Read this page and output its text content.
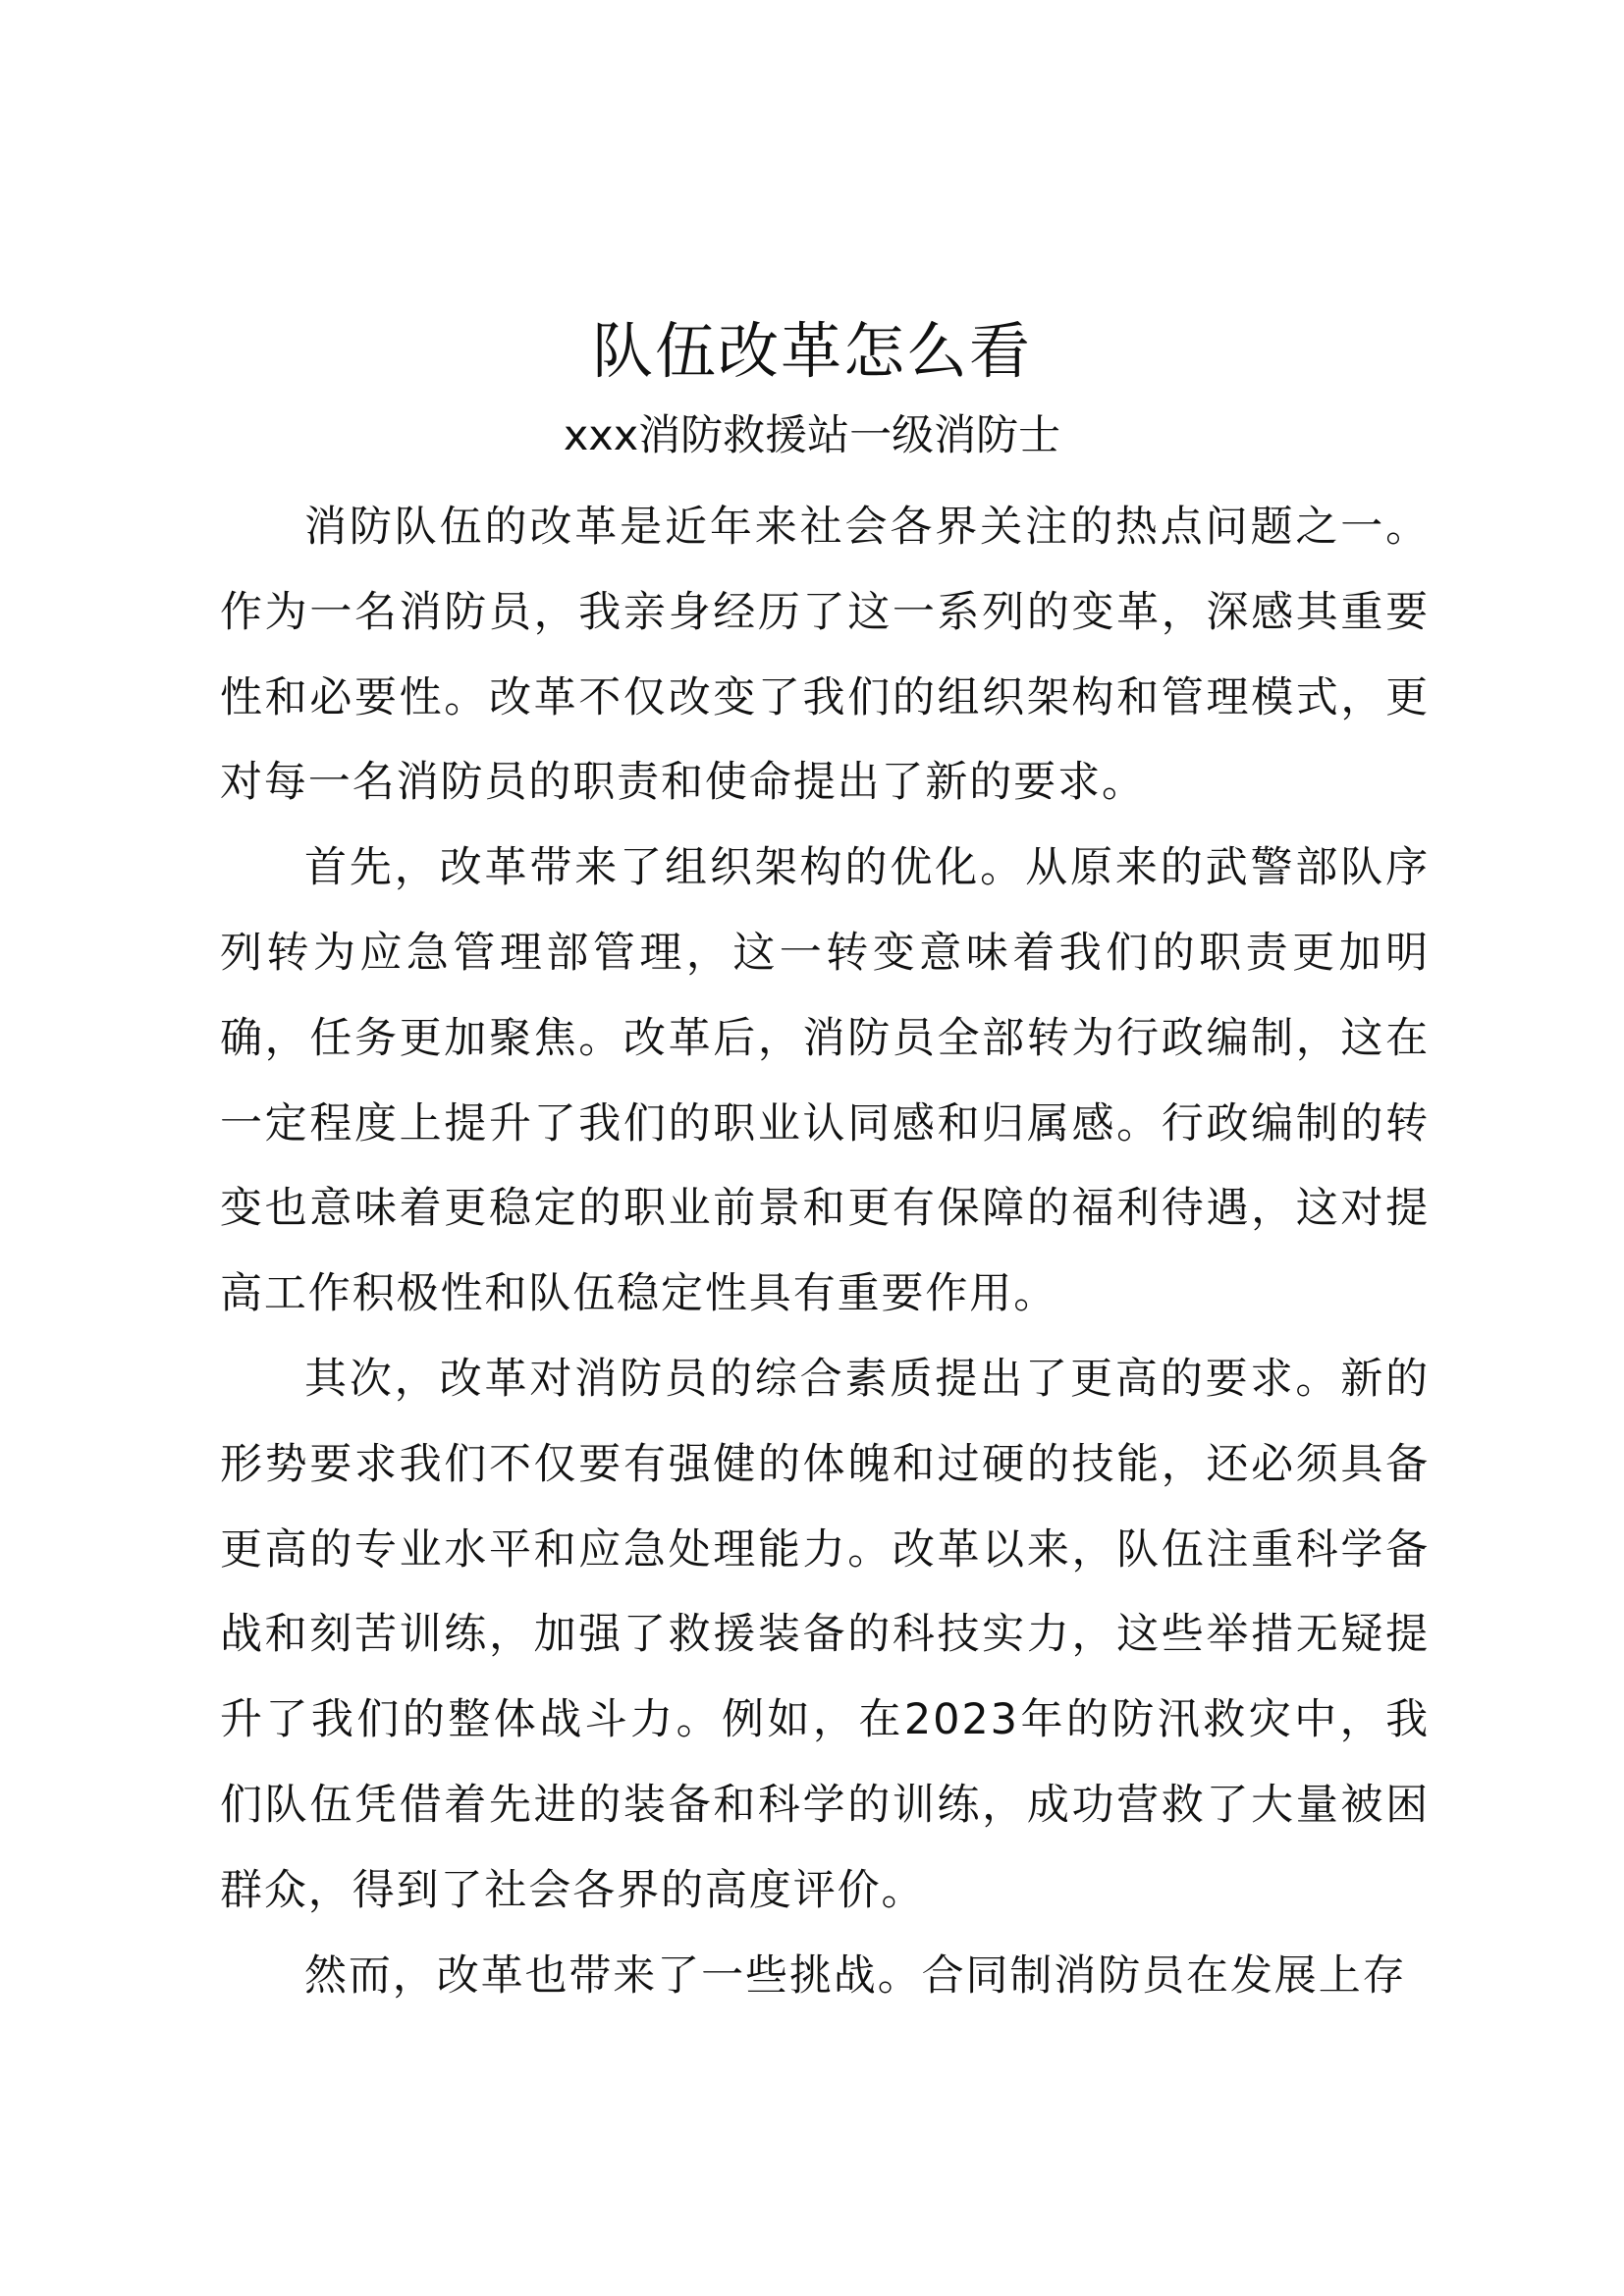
队伍改革怎么看

xxx消防救援站一级消防士

消防队伍的改革是近年来社会各界关注的热点问题之一。作为一名消防员，我亲身经历了这一系列的变革，深感其重要性和必要性。改革不仅改变了我们的组织架构和管理模式，更对每一名消防员的职责和使命提出了新的要求。

首先，改革带来了组织架构的优化。从原来的武警部队序列转为应急管理部管理，这一转变意味着我们的职责更加明确，任务更加聚焦。改革后，消防员全部转为行政编制，这在一定程度上提升了我们的职业认同感和归属感。行政编制的转变也意味着更稳定的职业前景和更有保障的福利待遇，这对提高工作积极性和队伍稳定性具有重要作用。

其次，改革对消防员的综合素质提出了更高的要求。新的形势要求我们不仅要有强健的体魄和过硬的技能，还必须具备更高的专业水平和应急处理能力。改革以来，队伍注重科学备战和刻苦训练，加强了救援装备的科技实力，这些举措无疑提升了我们的整体战斗力。例如，在2023年的防汛救灾中，我们队伍凭借着先进的装备和科学的训练，成功营救了大量被困群众，得到了社会各界的高度评价。

然而，改革也带来了一些挑战。合同制消防员在发展上存
